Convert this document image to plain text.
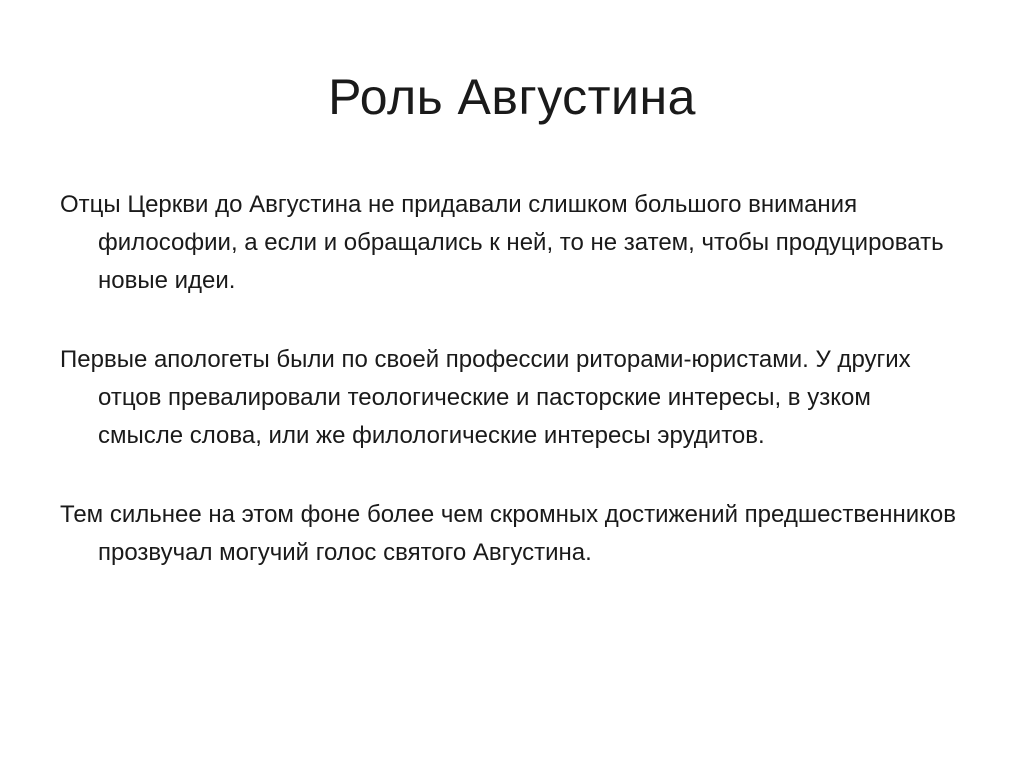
Роль Августина

Отцы Церкви до Августина не придавали слишком большого внимания философии, а если и обращались к ней, то не затем, чтобы продуцировать новые идеи.

Первые апологеты были по своей профессии риторами-юристами. У других отцов превалировали теологические и пасторские интересы, в узком смысле слова, или же филологические интересы эрудитов.

Тем сильнее на этом фоне более чем скромных достижений предшественников прозвучал могучий голос святого Августина.
